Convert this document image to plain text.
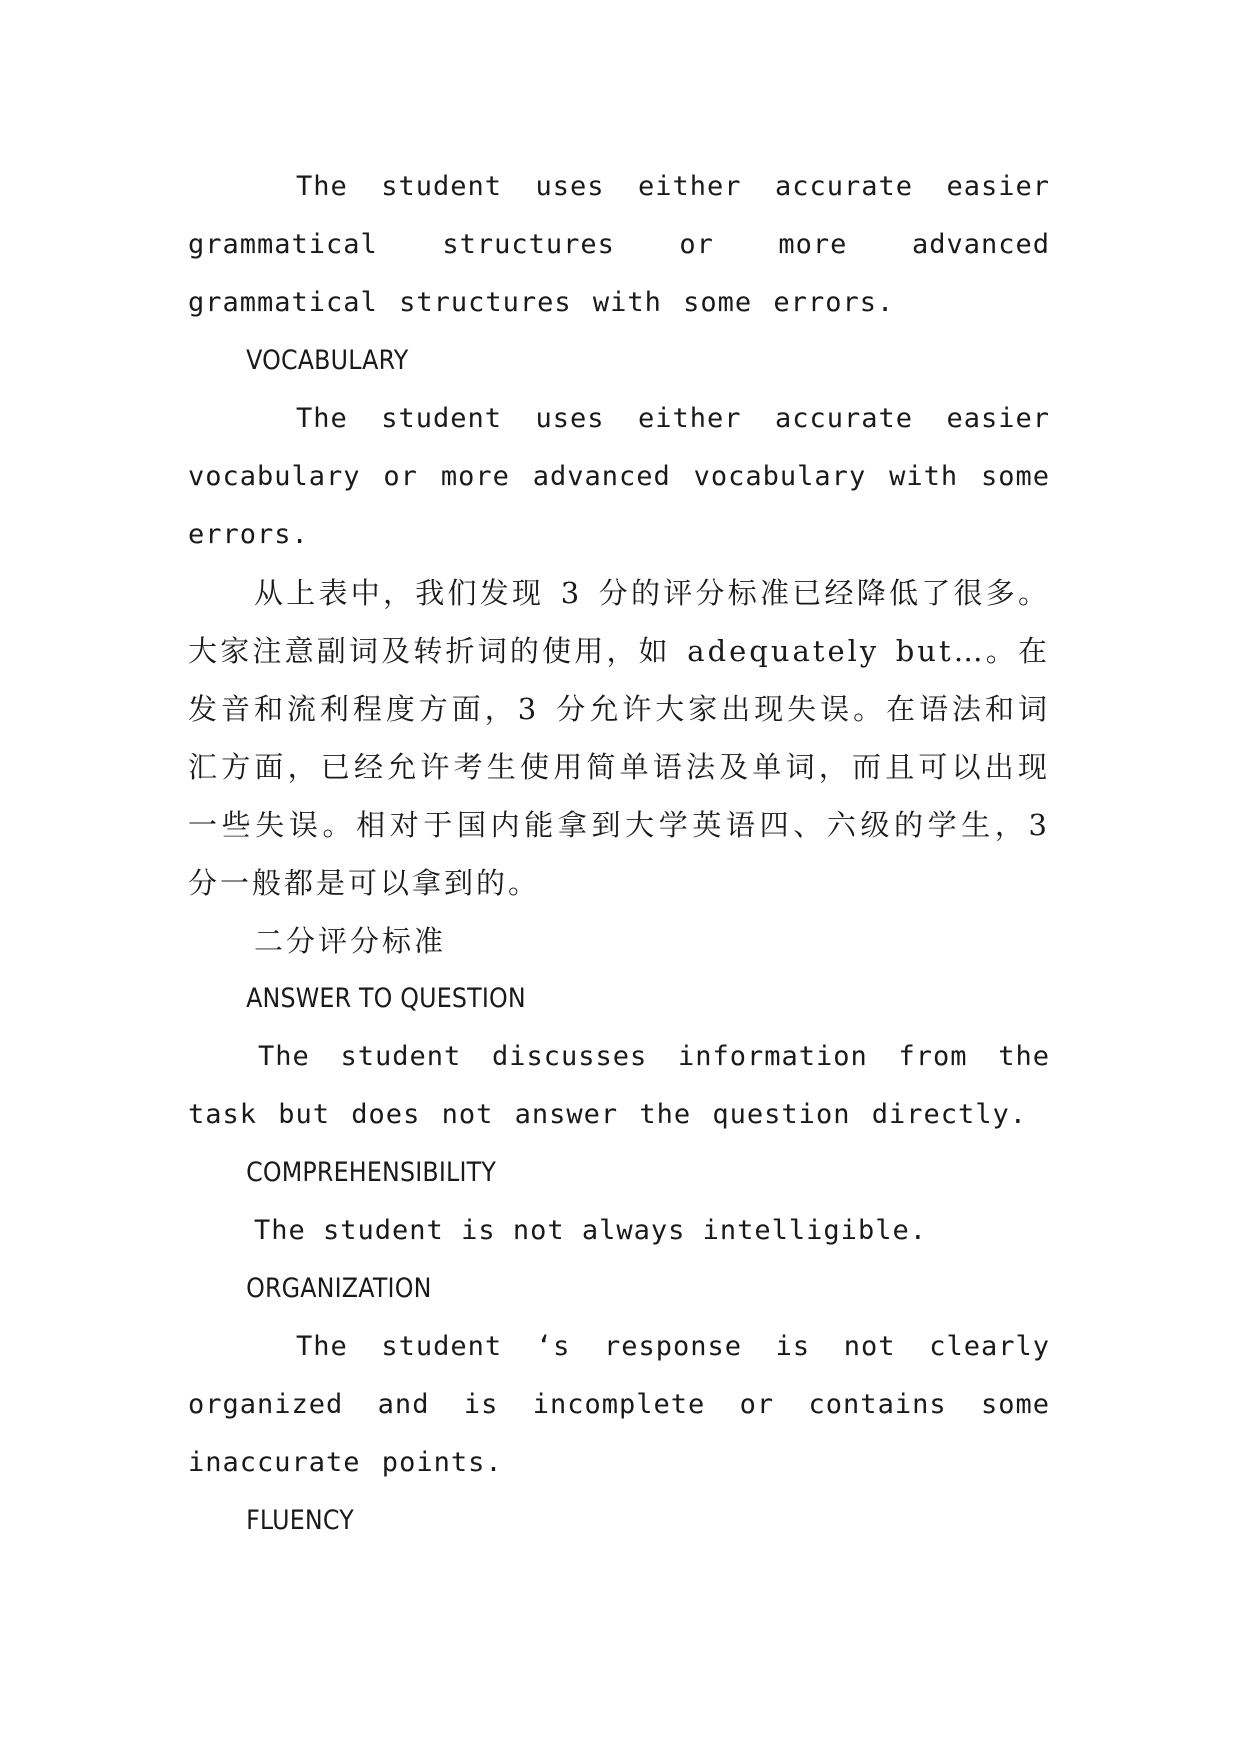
The student uses either accurate easier grammatical structures or more advanced grammatical structures with some errors.

VOCABULARY

The student uses either accurate easier vocabulary or more advanced vocabulary with some errors.

从上表中，我们发现 3 分的评分标准已经降低了很多。大家注意副词及转折词的使用，如 adequately but…。在发音和流利程度方面，3 分允许大家出现失误。在语法和词汇方面，已经允许考生使用简单语法及单词，而且可以出现一些失误。相对于国内能拿到大学英语四、六级的学生，3 分一般都是可以拿到的。

二分评分标准

ANSWER TO QUESTION

The student discusses information from the task but does not answer the question directly.

COMPREHENSIBILITY

The student is not always intelligible.

ORGANIZATION

The student ‘s response is not clearly organized and is incomplete or contains some inaccurate points.

FLUENCY
